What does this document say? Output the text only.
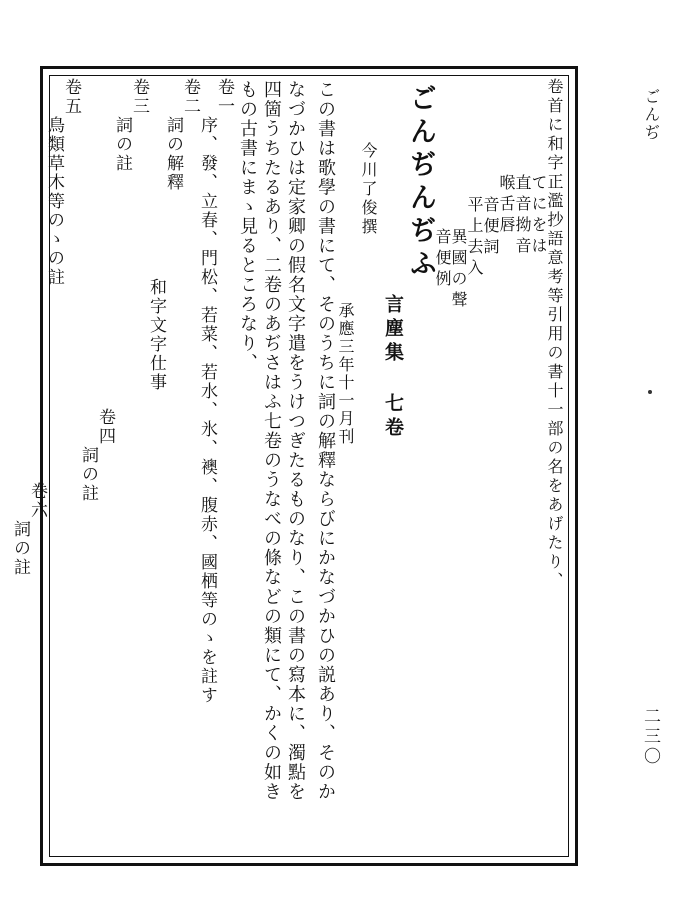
ごんぢ
二三〇
卷首に和字正濫抄語意考等引用の書十一部の名をあげたり、
てにをは
直音拗音
喉舌唇
音便詞
平上去入
異國の聲
音便例
ごんぢんぢふ
言塵集 七卷
今川了俊撰
承應三年十一月刊
この書は歌學の書にて、そのうちに詞の解釋ならびにかなづかひの説あり、そのか
なづかひは定家卿の假名文字遣をうけつぎたるものなり、この書の寫本に、濁點を
四箇うちたるあり、二卷のあぢさはふ七卷のうなべの條などの類にて、かくの如き
もの古書にまゝ見るところなり、
卷一
序、發、立春、門松、若菜、若水、氷、襖、腹赤、國栖等のゝを註す
卷二
詞の解釋
和字文字仕事
卷三
詞の註
卷四
詞の註
卷五
鳥類草木等のゝの註
卷六
詞の註
